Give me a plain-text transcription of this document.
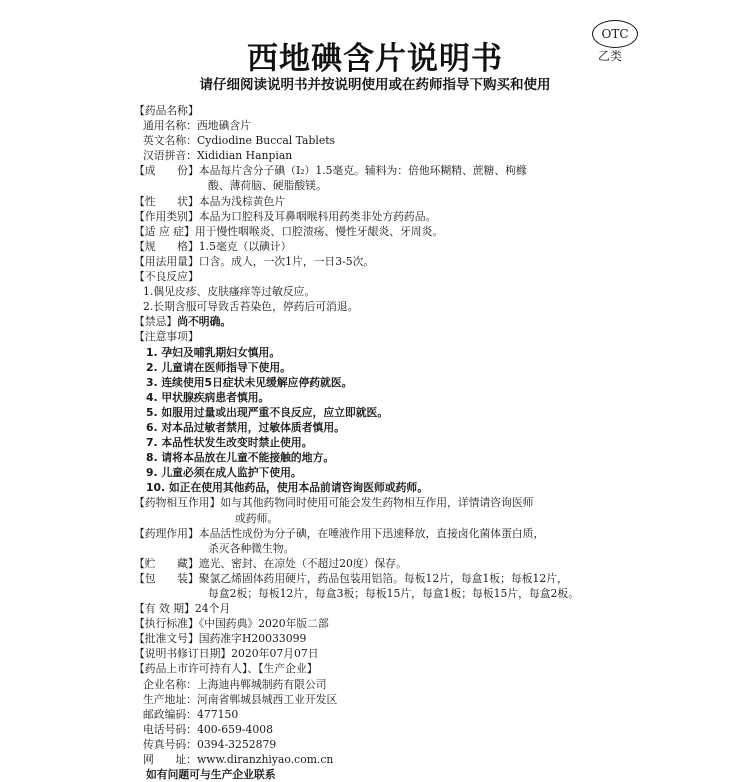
西地碘含片说明书
OTC
乙类
请仔细阅读说明书并按说明使用或在药师指导下购买和使用
【药品名称】
通用名称：西地碘含片
英文名称：Cydiodine Buccal Tablets
汉语拼音：Xididian Hanpian
【成　　份】本品每片含分子碘（I₂）1.5毫克。辅料为：倍他环糊精、蔗糖、枸橼
酸、薄荷脑、硬脂酸镁。
【性　　状】本品为浅棕黄色片
【作用类别】本品为口腔科及耳鼻咽喉科用药类非处方药药品。
【适 应 症】用于慢性咽喉炎、口腔溃疡、慢性牙龈炎、牙周炎。
【规　　格】1.5毫克（以碘计）
【用法用量】口含。成人，一次1片，一日3-5次。
【不良反应】
1.偶见皮疹、皮肤瘙痒等过敏反应。
2.长期含服可导致舌苔染色，停药后可消退。
【禁忌】尚不明确。
【注意事项】
1. 孕妇及哺乳期妇女慎用。
2. 儿童请在医师指导下使用。
3. 连续使用5日症状未见缓解应停药就医。
4. 甲状腺疾病患者慎用。
5. 如服用过量或出现严重不良反应，应立即就医。
6. 对本品过敏者禁用，过敏体质者慎用。
7. 本品性状发生改变时禁止使用。
8. 请将本品放在儿童不能接触的地方。
9. 儿童必须在成人监护下使用。
10. 如正在使用其他药品，使用本品前请咨询医师或药师。
【药物相互作用】如与其他药物同时使用可能会发生药物相互作用，详情请咨询医师
或药师。
【药理作用】本品活性成份为分子碘，在唾液作用下迅速释放，直接卤化菌体蛋白质，
杀灭各种微生物。
【贮　　藏】遮光、密封、在凉处（不超过20度）保存。
【包　　装】聚氯乙烯固体药用硬片，药品包装用铝箔。每板12片，每盒1板；每板12片，
每盒2板；每板12片，每盒3板；每板15片，每盒1板；每板15片，每盒2板。
【有 效 期】24个月
【执行标准】《中国药典》2020年版二部
【批准文号】国药准字H20033099
【说明书修订日期】2020年07月07日
【药品上市许可持有人】、【生产企业】
企业名称：上海迪冉郸城制药有限公司
生产地址：河南省郸城县城西工业开发区
邮政编码：477150
电话号码：400-659-4008
传真号码：0394-3252879
网　　址：www.diranzhiyao.com.cn
如有问题可与生产企业联系
